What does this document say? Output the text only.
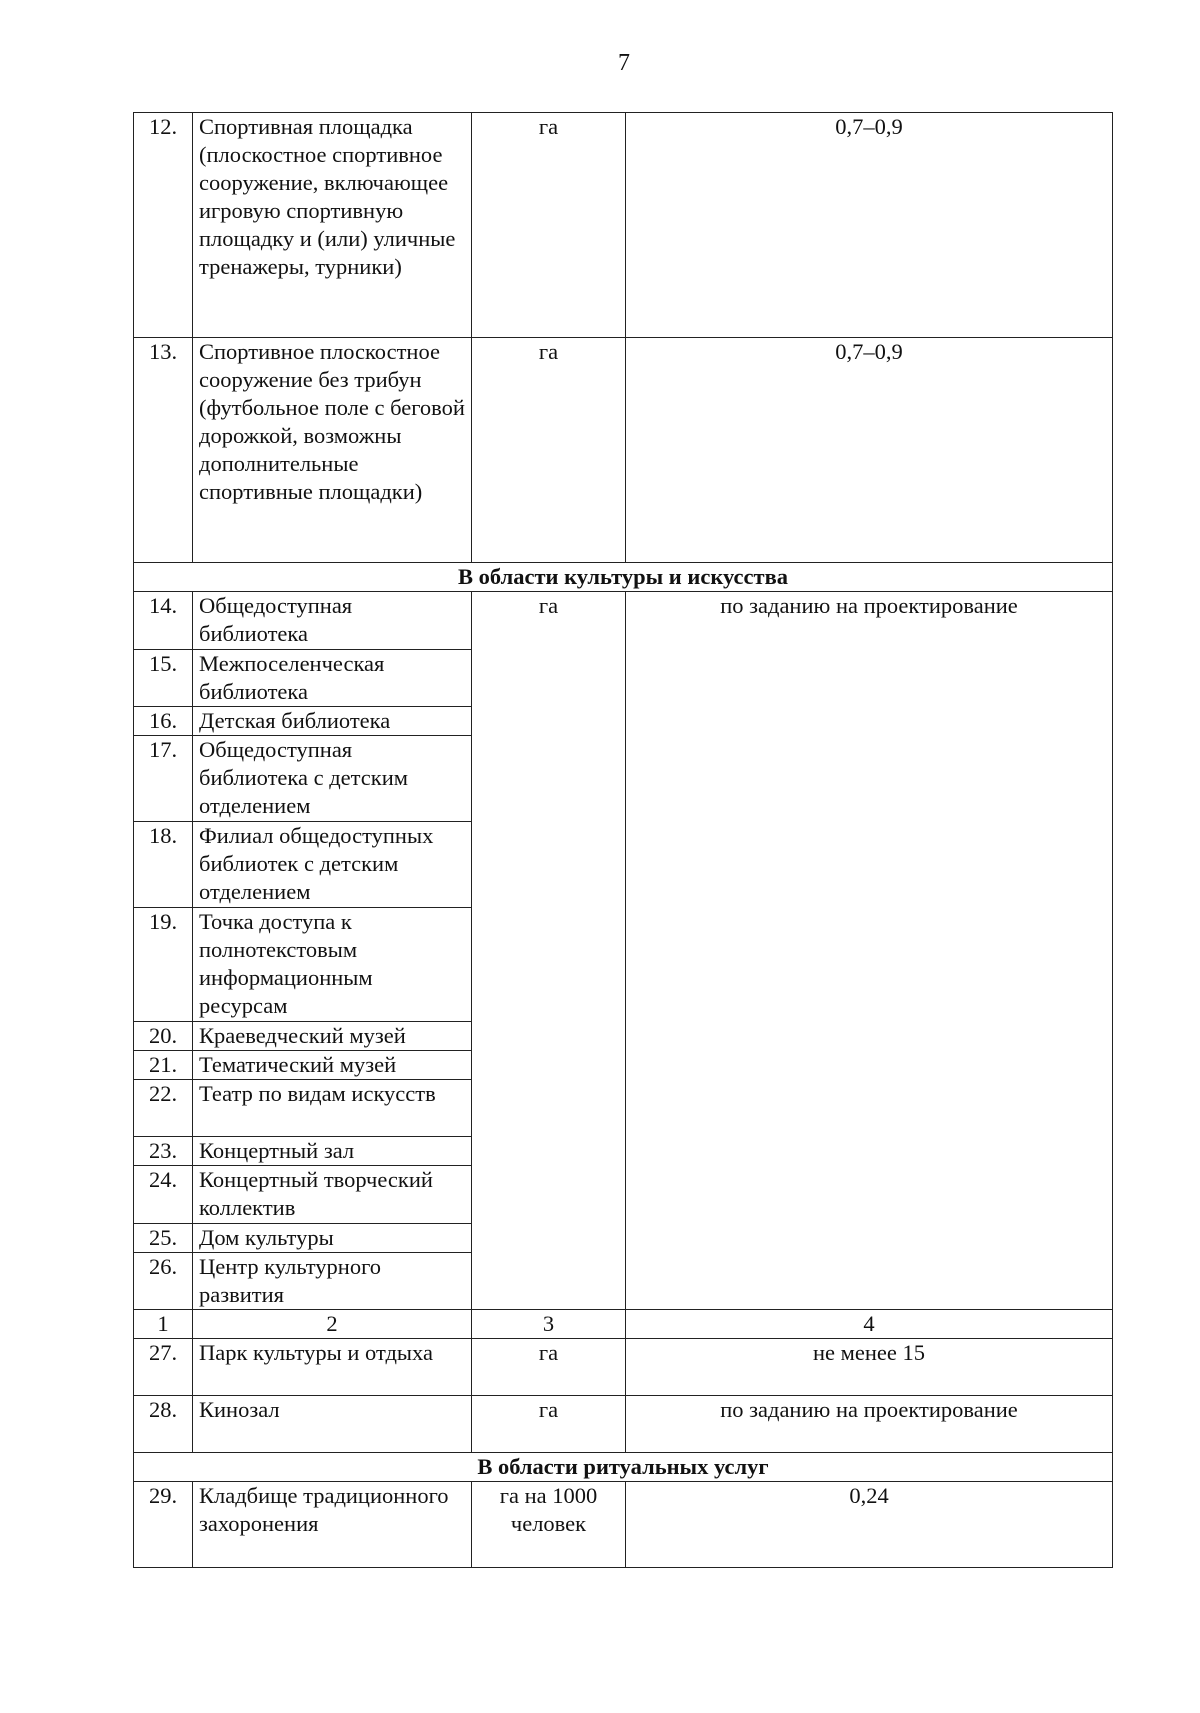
7
12.	Спортивная площадка (плоскостное спортивное сооружение, включающее игровую спортивную площадку и (или) уличные тренажеры, турники)	га	0,7–0,9
13.	Спортивное плоскостное сооружение без трибун (футбольное поле с беговой дорожкой, возможны дополнительные спортивные площадки)	га	0,7–0,9
В области культуры и искусства			
14.	Общедоступная библиотека	га	по заданию на проектирование
15.	Межпоселенческая библиотека		
16.	Детская библиотека		
17.	Общедоступная библиотека с детским отделением		
18.	Филиал общедоступных библиотек с детским отделением		
19.	Точка доступа к полнотекстовым информационным ресурсам		
20.	Краеведческий музей		
21.	Тематический музей		
22.	Театр по видам искусств		
23.	Концертный зал		
24.	Концертный творческий коллектив		
25.	Дом культуры		
26.	Центр культурного развития		
1	2	3	4
27.	Парк культуры и отдыха	га	не менее 15
28.	Кинозал	га	по заданию на проектирование
В области ритуальных услуг			
29.	Кладбище традиционного захоронения	га на 1000 человек	0,24
